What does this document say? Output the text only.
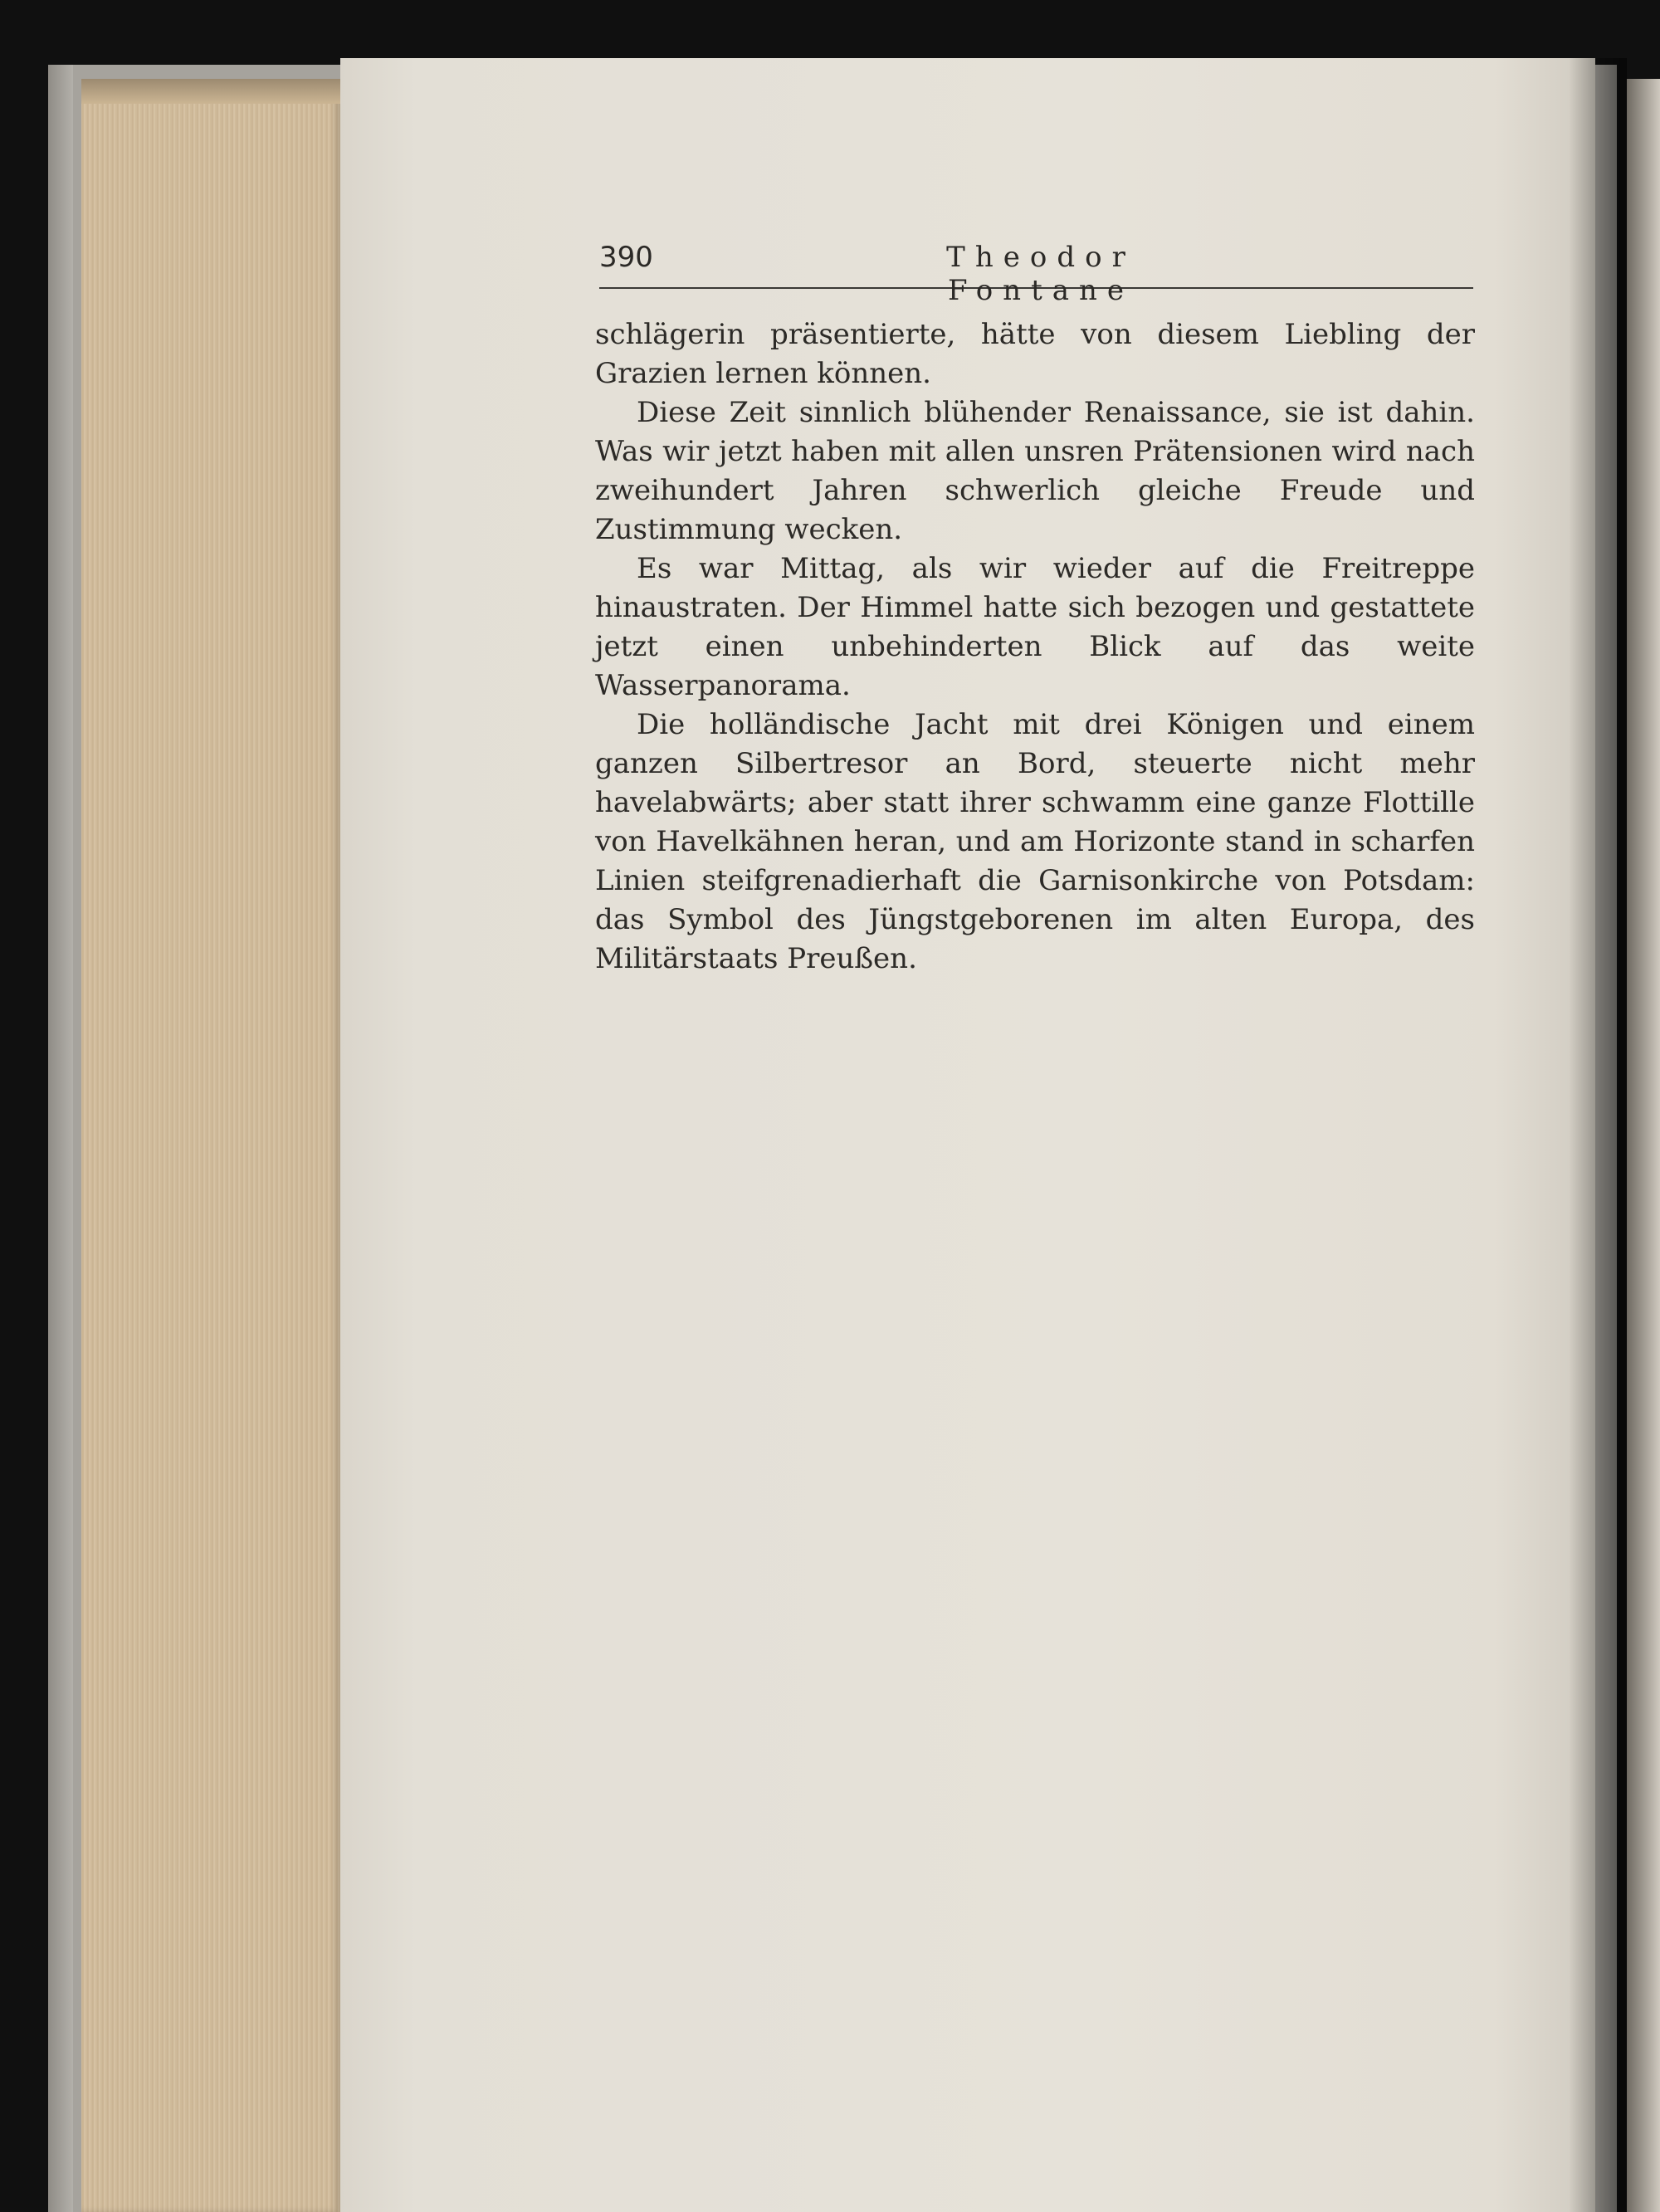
390	Theodor Fontane

schlägerin präsentierte, hätte von diesem Liebling der Grazien lernen können.

Diese Zeit sinnlich blühender Renaissance, sie ist dahin. Was wir jetzt haben mit allen unsren Prätensionen wird nach zweihundert Jahren schwerlich gleiche Freude und Zustimmung wecken.

Es war Mittag, als wir wieder auf die Freitreppe hinaustraten. Der Himmel hatte sich bezogen und gestattete jetzt einen unbehinderten Blick auf das weite Wasserpanorama.

Die holländische Jacht mit drei Königen und einem ganzen Silbertresor an Bord, steuerte nicht mehr havelabwärts; aber statt ihrer schwamm eine ganze Flottille von Havelkähnen heran, und am Horizonte stand in scharfen Linien steifgrenadierhaft die Garnisonkirche von Potsdam: das Symbol des Jüngstgeborenen im alten Europa, des Militärstaats Preußen.
